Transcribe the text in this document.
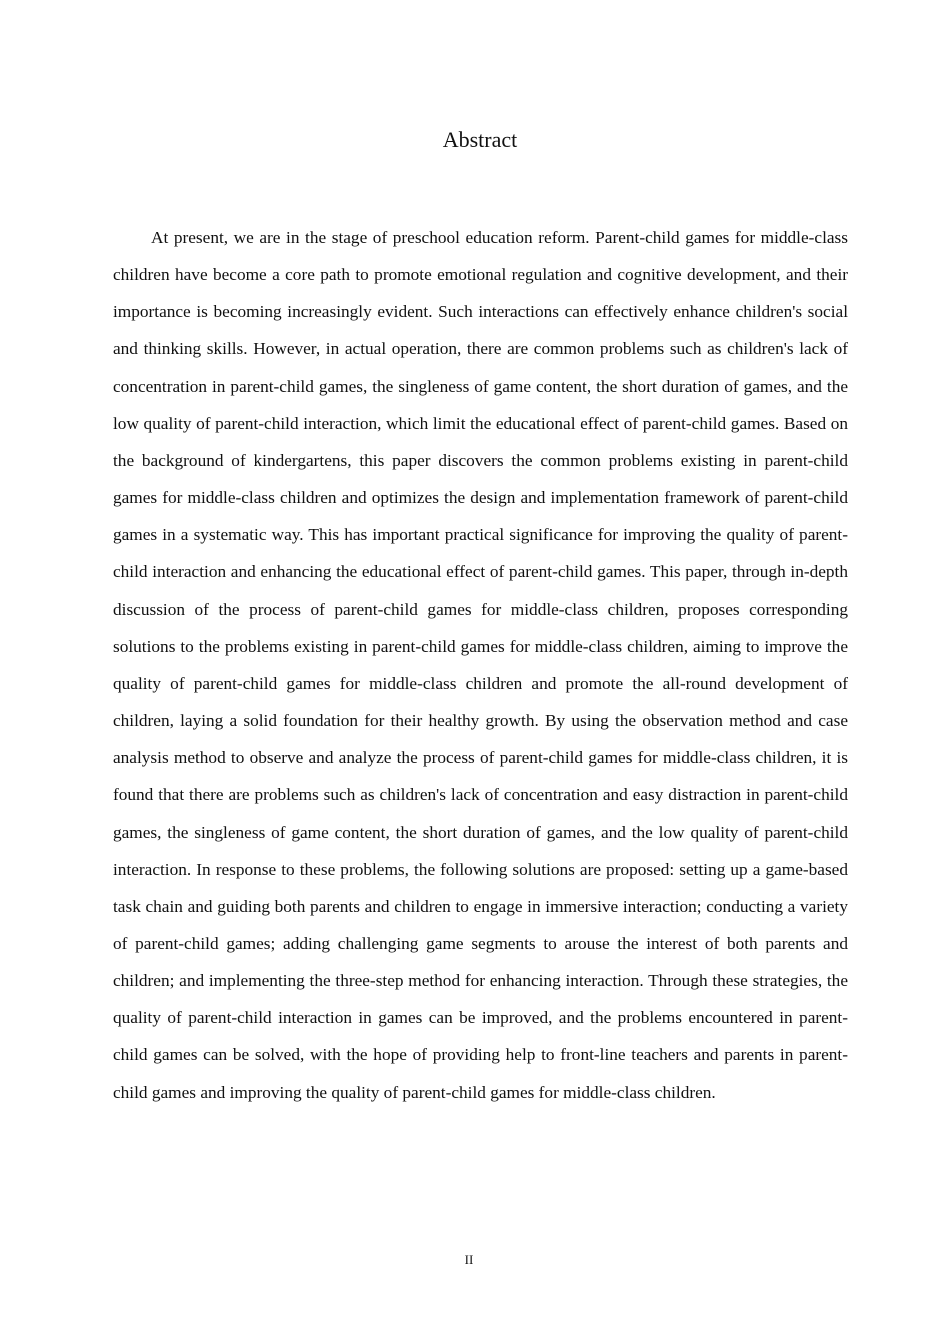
Abstract

At present, we are in the stage of preschool education reform. Parent-child games for middle-class children have become a core path to promote emotional regulation and cognitive development, and their importance is becoming increasingly evident. Such interactions can effectively enhance children's social and thinking skills. However, in actual operation, there are common problems such as children's lack of concentration in parent-child games, the singleness of game content, the short duration of games, and the low quality of parent-child interaction, which limit the educational effect of parent-child games. Based on the background of kindergartens, this paper discovers the common problems existing in parent-child games for middle-class children and optimizes the design and implementation framework of parent-child games in a systematic way. This has important practical significance for improving the quality of parent-child interaction and enhancing the educational effect of parent-child games. This paper, through in-depth discussion of the process of parent-child games for middle-class children, proposes corresponding solutions to the problems existing in parent-child games for middle-class children, aiming to improve the quality of parent-child games for middle-class children and promote the all-round development of children, laying a solid foundation for their healthy growth. By using the observation method and case analysis method to observe and analyze the process of parent-child games for middle-class children, it is found that there are problems such as children's lack of concentration and easy distraction in parent-child games, the singleness of game content, the short duration of games, and the low quality of parent-child interaction. In response to these problems, the following solutions are proposed: setting up a game-based task chain and guiding both parents and children to engage in immersive interaction; conducting a variety of parent-child games; adding challenging game segments to arouse the interest of both parents and children; and implementing the three-step method for enhancing interaction. Through these strategies, the quality of parent-child interaction in games can be improved, and the problems encountered in parent-child games can be solved, with the hope of providing help to front-line teachers and parents in parent-child games and improving the quality of parent-child games for middle-class children.

II
